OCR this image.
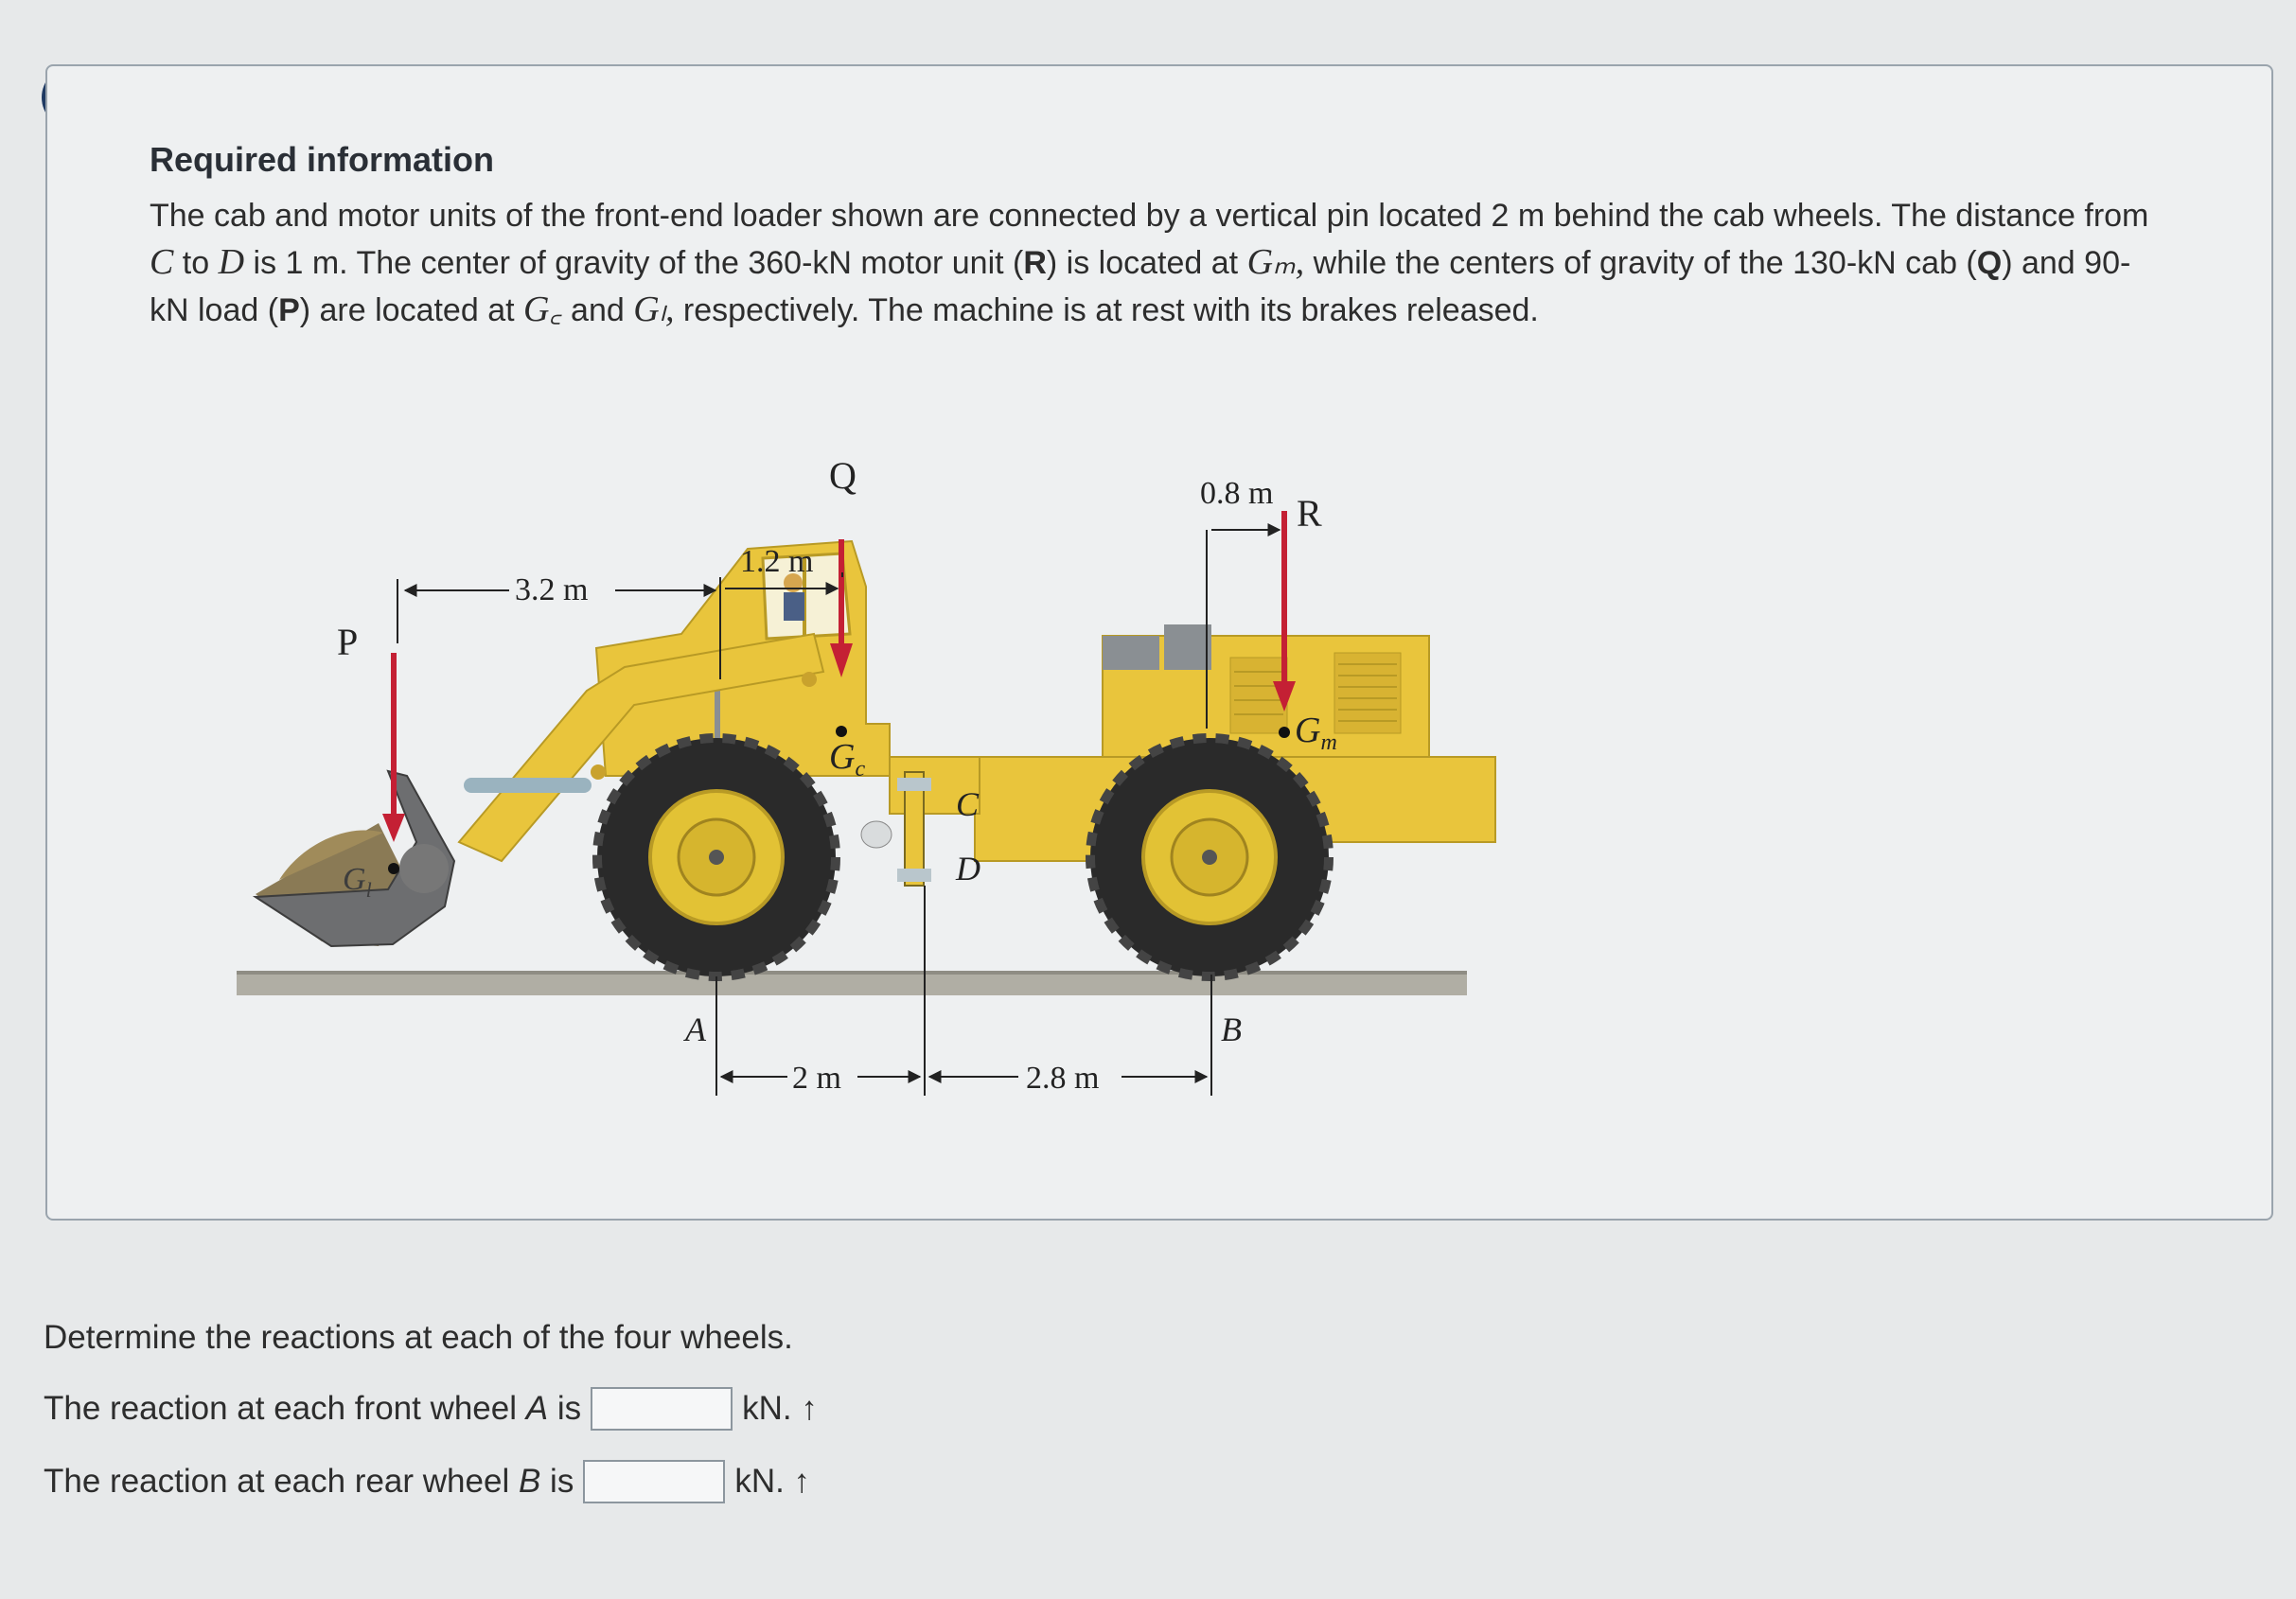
Required information
The cab and motor units of the front-end loader shown are connected by a vertical pin located 2 m behind the cab wheels. The distance from C to D is 1 m. The center of gravity of the 360-kN motor unit (R) is located at Gₘ, while the centers of gravity of the 130-kN cab (Q) and 90-kN load (P) are located at G꜀ and Gₗ, respectively. The machine is at rest with its brakes released.
Q
R
P
3.2 m
1.2 m
0.8 m
2 m	2.8 m
A	B
C
D
$G_c$
$G_m$
$G_l$
Determine the reactions at each of the four wheels.
The reaction at each front wheel A is	kN. ↑
The reaction at each rear wheel B is	kN. ↑
